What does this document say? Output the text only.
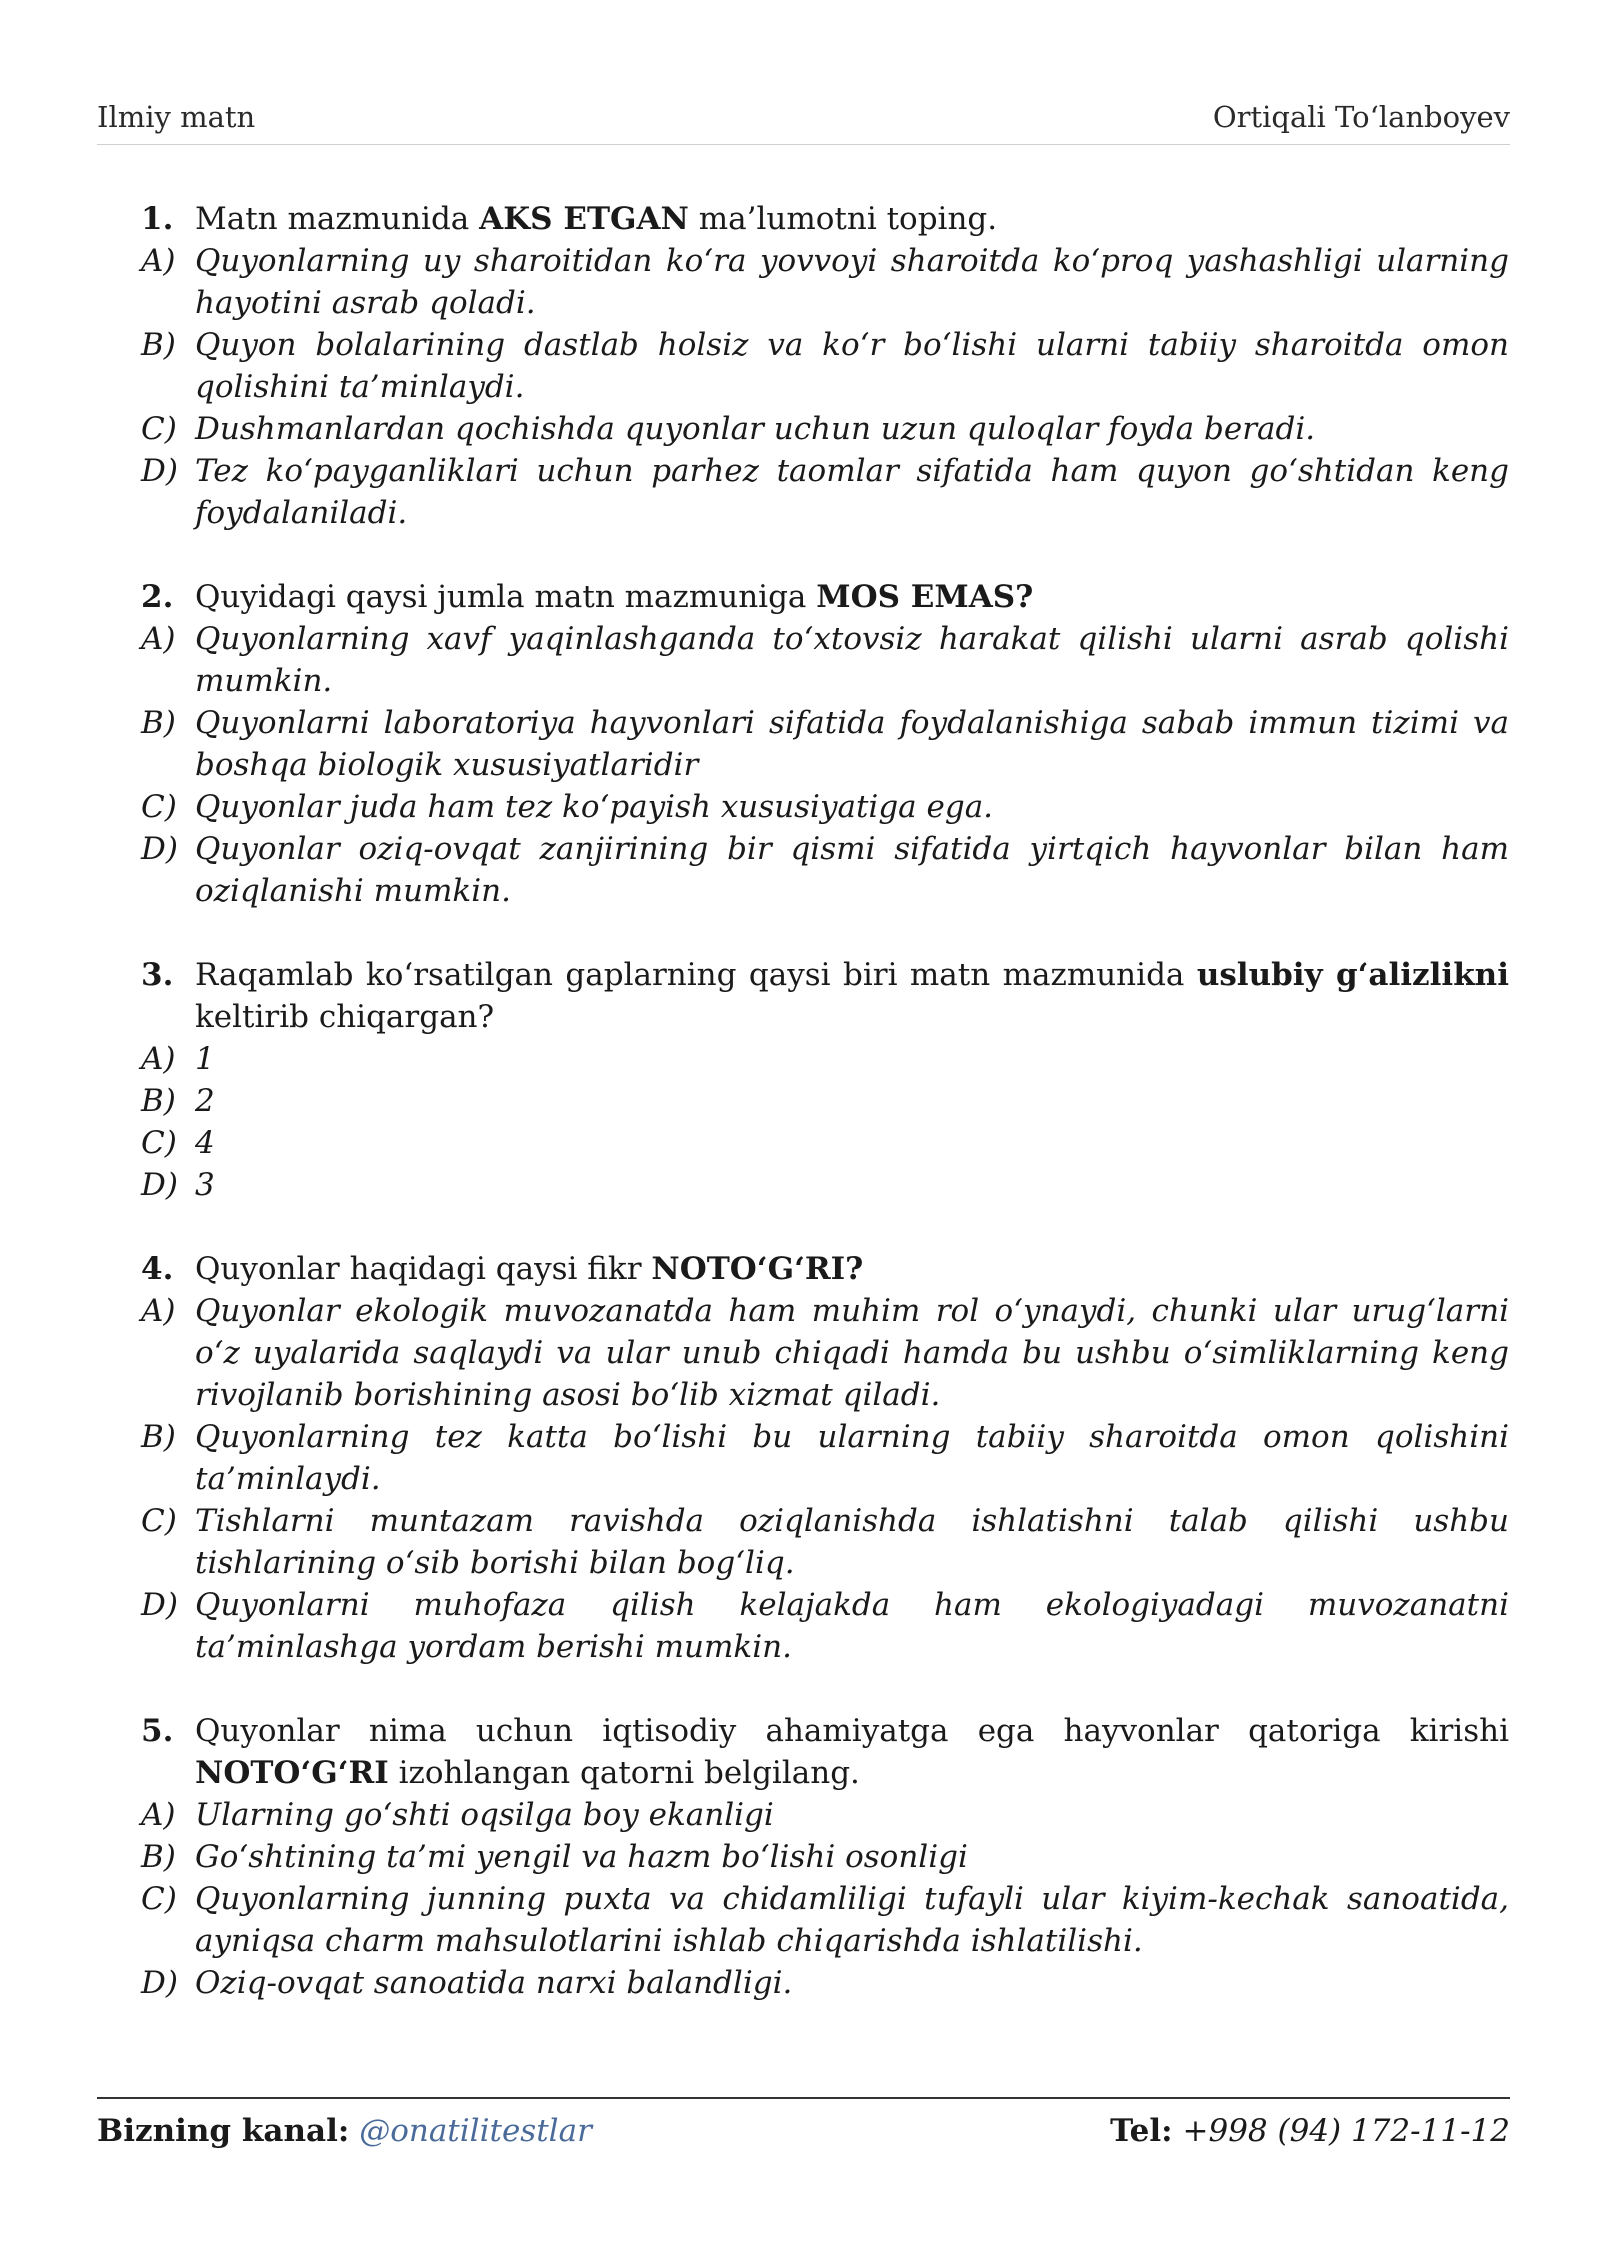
Ilmiy matn	Ortiqali To‘lanboyev
1. Matn mazmunida AKS ETGAN ma’lumotni toping.
A) Quyonlarning uy sharoitidan ko‘ra yovvoyi sharoitda ko‘proq yashashligi ularning hayotini asrab qoladi.
B) Quyon bolalarining dastlab holsiz va ko‘r bo‘lishi ularni tabiiy sharoitda omon qolishini ta’minlaydi.
C) Dushmanlardan qochishda quyonlar uchun uzun quloqlar foyda beradi.
D) Tez ko‘payganliklari uchun parhez taomlar sifatida ham quyon go‘shtidan keng foydalaniladi.
2. Quyidagi qaysi jumla matn mazmuniga MOS EMAS?
A) Quyonlarning xavf yaqinlashganda to‘xtovsiz harakat qilishi ularni asrab qolishi mumkin.
B) Quyonlarni laboratoriya hayvonlari sifatida foydalanishiga sabab immun tizimi va boshqa biologik xususiyatlaridir
C) Quyonlar juda ham tez ko‘payish xususiyatiga ega.
D) Quyonlar oziq-ovqat zanjirining bir qismi sifatida yirtqich hayvonlar bilan ham oziqlanishi mumkin.
3. Raqamlab ko‘rsatilgan gaplarning qaysi biri matn mazmunida uslubiy g‘alizlikni keltirib chiqargan?
A) 1
B) 2
C) 4
D) 3
4. Quyonlar haqidagi qaysi fikr NOTO‘G‘RI?
A) Quyonlar ekologik muvozanatda ham muhim rol o‘ynaydi, chunki ular urug‘larni o‘z uyalarida saqlaydi va ular unub chiqadi hamda bu ushbu o‘simliklarning keng rivojlanib borishining asosi bo‘lib xizmat qiladi.
B) Quyonlarning tez katta bo‘lishi bu ularning tabiiy sharoitda omon qolishini ta’minlaydi.
C) Tishlarni muntazam ravishda oziqlanishda ishlatishni talab qilishi ushbu tishlarining o‘sib borishi bilan bog‘liq.
D) Quyonlarni muhofaza qilish kelajakda ham ekologiyadagi muvozanatni ta’minlashga yordam berishi mumkin.
5. Quyonlar nima uchun iqtisodiy ahamiyatga ega hayvonlar qatoriga kirishi NOTO‘G‘RI izohlangan qatorni belgilang.
A) Ularning go‘shti oqsilga boy ekanligi
B) Go‘shtining ta’mi yengil va hazm bo‘lishi osonligi
C) Quyonlarning junning puxta va chidamliligi tufayli ular kiyim-kechak sanoatida, ayniqsa charm mahsulotlarini ishlab chiqarishda ishlatilishi.
D) Oziq-ovqat sanoatida narxi balandligi.
Bizning kanal: @onatilitestlar	Tel: +998 (94) 172-11-12
